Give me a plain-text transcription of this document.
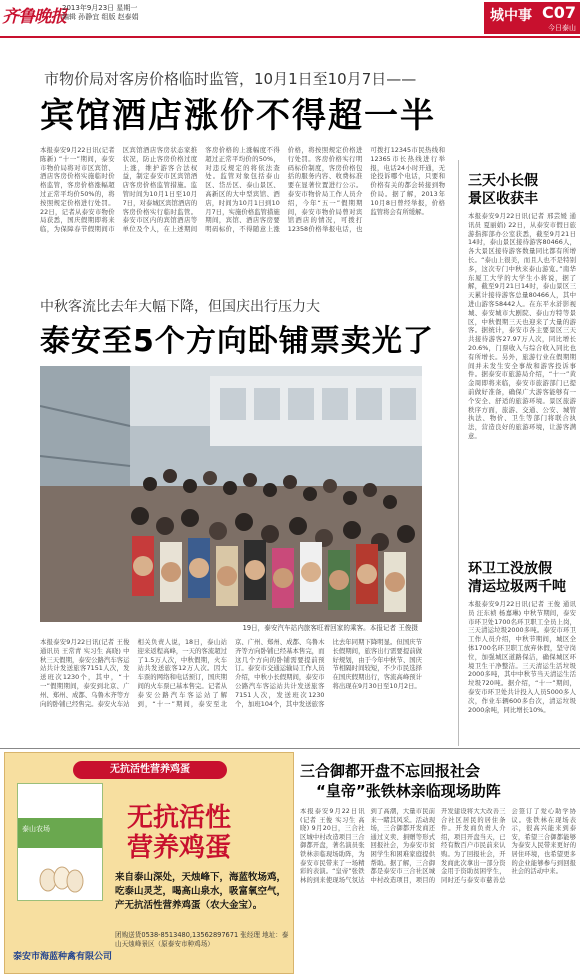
齐鲁晚报
2013年9月23日 星期一
编辑 孙静宜 组版 赵泰娟	城中事 C07
今日泰山
市物价局对客房价格临时监管，10月1日至10月7日——
宾馆酒店涨价不得超一半
本报泰安9月22日讯(记者 陈新) “十一”期间，泰安市物价局将对市区宾馆、酒店客房价格实施临时价格监管，客房价格涨幅超过正常平均价50%的，将按照规定价格进行处罚。22日，记者从泰安市物价局获悉，国庆假期即将来临，为保障春节假期间市区宾馆酒店客房状态家推状况，防止客房价格过度上涨，维护游客合法权益，制定泰安市区宾馆酒店客房价格监管措施。监管时间为10月1日至10月7日，对泰城区宾馆酒店的客房价格实行临时监管。泰安市区内的宾馆酒店等单位及个人，在上述期间客房价格的上涨幅度不得超过正常平均价的50%，对违反规定的将依法查处。监管对象包括泰山区、岱岳区、泰山景区、高新区的大中型宾馆、酒店，时间为10月1日到10月7日，实施价格监管措施期间，宾馆、酒店客房要明码标价，不得随意上涨价格，将按照规定价格进行处罚。客房价格实行明码标价制度，客房价格包括的服务内容、收费标准要在显著位置进行公示。泰安市物价局工作人员介绍，今年“五一”假期期间，泰安市物价局曾对宾馆酒店的情况，可拨打12358价格举报电话，也可拨打12345市民热线和12365市长热线进行举报，电话24小时开通，无论投诉哪个电话，只要和价格有关的都会转接到物价局。据了解，2013年10月8日曾经举报，价格监管将会有所缓解。
中秋客流比去年大幅下降，但国庆出行压力大
泰安至5个方向卧铺票卖光了
19日，泰安汽车站内旅客旺着回家的乘客。本报记者 王俊摄
本报泰安9月22日讯(记者 王俊 通讯员 王常青 实习生 高晓) 中秋三天假期，泰安公路汽车客运站共计发送旅客7151人次，发送班次1230个，其中，“十一”假期期间，泰安到北京、广州、郑州、成都、乌鲁木齐等方向的卧铺已经售完。泰安火车站相关负责人说，18日，泰山站迎来返程高峰，一天的客流超过了1.5万人次，中秋假期，火车站共发送旅客12万人次。因大车票的网络和电话预订，国庆期间的火车票已基本售完。记者从泰安公路汽车客运站了解到，“十一”期间，泰安至北京、广州、郑州、成都、乌鲁木齐等方向卧铺已经基本售完，而这几个方向的卧铺需要提前预订。泰安市交通运输局工作人员介绍，中秋小长假期间，泰安市公路汽车客运站共计发送旅客7151人次，发送班次1230个，加班104个，其中发送旅客比去年同期下降明显。但国庆节长假期间，旅客出行需要提前做好规划，由于今年中秋节、国庆节相隔时间较短，不少市民选择在国庆假期出行，客流高峰预计将出现在9月30日至10月2日。
三天小长假
景区收获丰
本报泰安9月22日讯(记者 邢芸媛 通讯员 夏丽娟) 22日，从泰安市假日旅游指挥部办公室获悉，截至9月21日14时，泰山景区接待游客80466人，各大景区接待游客数量同比都有所增长。“泰山上很美，而且人也不是特别多，这次专门中秋来泰山游览。”南华东厦工大学的大学生小蒋说，据了解，截至9月21日14时，泰山景区三天累计接待游客总量80466人，其中进山游客58442人。在东平水浒影视城、泰安城市大剧院、泰山方特等景区，中秋假期三天也迎来了大量的游客。据统计，泰安市各主要景区三天共接待游客27.97万人次，同比增长20.6%，门票收入与综合收入同比也有所增长。另外，旅游行业在假期期间并未发生安全事故和游客投诉事件。据泰安市旅游局介绍，“十一”黄金周即将来临，泰安市旅游部门已提前做好准备，确保广大游客能够有一个安全、舒适的旅游环境。景区旅游秩序方面，旅游、交通、公安、城管执法、物价、卫生等部门将联合执法，营造良好的旅游环境，让游客满意。
环卫工没放假
清运垃圾两千吨
本报泰安9月22日讯(记者 王俊 通讯员 汪东祯 杨嘉琳) 中秋节期间，泰安市环卫处1700名环卫职工全员上岗，三天清运垃圾2000多吨。泰安市环卫工作人员介绍，中秋节期间，城区全体1700名环卫职工放弃休假，坚守岗位，加强城区道路保洁，确保城区环境卫生干净整洁。三天清运生活垃圾2000多吨，其中中秋节当天清运生活垃圾720吨。据介绍，“十一”期间，泰安市环卫处共计投入人员5000多人次，作业车辆600多台次，清运垃圾2000余吨，同比增长10%。
无抗活性营养鸡蛋
泰山农场	无抗活性
营养鸡蛋
来自泰山深处，天烛峰下，海蓝牧场鸡，吃泰山灵芝，喝高山泉水，吸富氧空气，产无抗活性营养鸡蛋（农大金宝）。
团购送货0538-8513480,13562897671 张经理 地址：泰山天烛峰景区（原泰安市种鸡场）
泰安市海蓝种禽有限公司
三合御都开盘不忘回报社会
“皇帝”张铁林亲临现场助阵
本报泰安9月22日讯(记者 王俊 实习生 高晓) 9月20日，三合社区城中村改造项目三合御都开盘，著名演员张铁林亲临现场助阵，为泰安市民带来了一场精彩的表演。“皇帝”张铁林的到来使现场气氛达到了高潮，大量市民前来一睹其风采。活动现场，三合御都开发商还通过义卖、捐赠等形式回报社会，为泰安市贫困学生和困难家庭提供帮助。据了解，三合御都是泰安市三合社区城中村改造项目，项目的开发建设将大大改善三合社区居民的居住条件。开发商负责人介绍，项目开盘当天，已经有数百户市民前来认购。为了回报社会，开发商此次拿出一部分资金用于资助贫困学生，同时还与泰安市慈善总会签订了爱心助学协议。张铁林在现场表示，很高兴能来到泰安，希望三合御都能够为泰安人民带来更好的居住环境，也希望更多的企业能够参与到回报社会的活动中来。
